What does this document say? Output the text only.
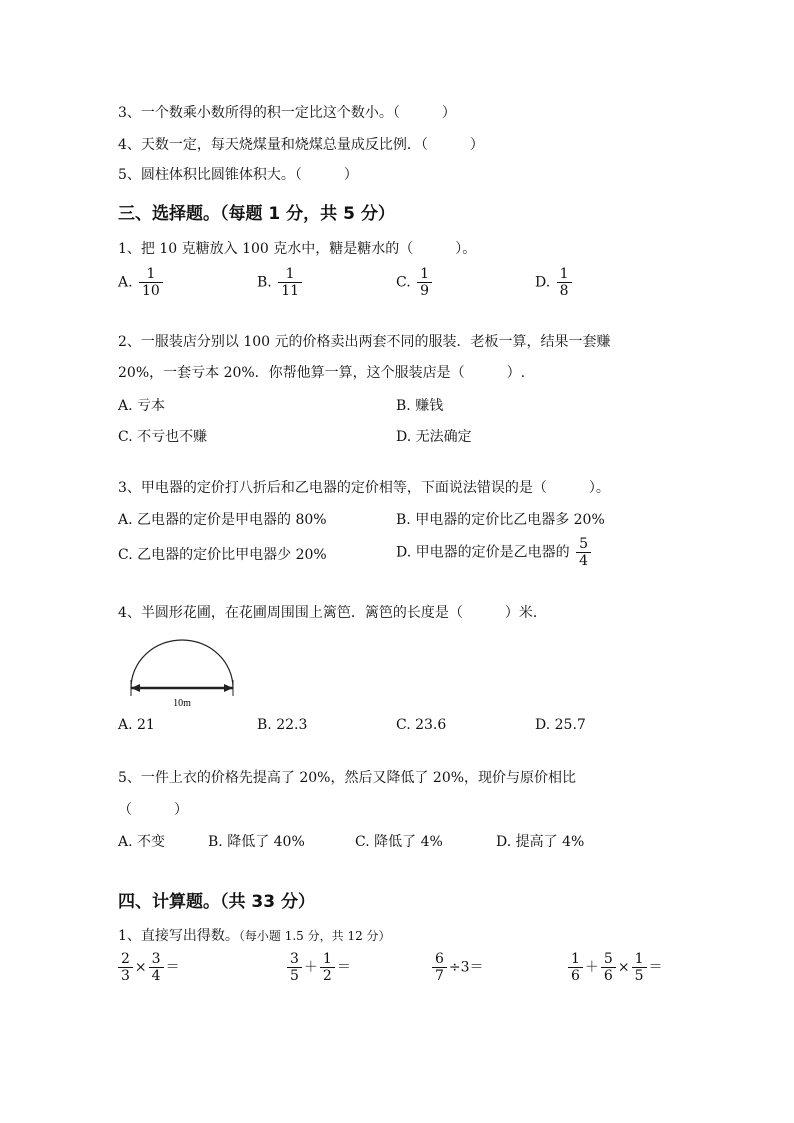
3、一个数乘小数所得的积一定比这个数小。（　　　）
4、天数一定，每天烧煤量和烧煤总量成反比例．（　　　）
5、圆柱体积比圆锥体积大。（　　　）
三、选择题。（每题 1 分，共 5 分）
1、把 10 克糖放入 100 克水中，糖是糖水的（　　　）。
A. $\frac{1}{10}$	B. $\frac{1}{11}$	C. $\frac{1}{9}$	D. $\frac{1}{8}$
2、一服装店分别以 100 元的价格卖出两套不同的服装．老板一算，结果一套赚
20%，一套亏本 20%．你帮他算一算，这个服装店是（　　　）.
A. 亏本	B. 赚钱
C. 不亏也不赚	D. 无法确定
3、甲电器的定价打八折后和乙电器的定价相等，下面说法错误的是（　　　）。
A. 乙电器的定价是甲电器的 80%	B. 甲电器的定价比乙电器多 20%
C. 乙电器的定价比甲电器少 20%	D. 甲电器的定价是乙电器的 $\frac{5}{4}$
4、半圆形花圃，在花圃周围围上篱笆．篱笆的长度是（　　　）米．
10m
A. 21	B. 22.3	C. 23.6	D. 25.7
5、一件上衣的价格先提高了 20%，然后又降低了 20%，现价与原价相比
（　　　）
A. 不变	B. 降低了 40%	C. 降低了 4%	D. 提高了 4%
四、计算题。（共 33 分）
1、直接写出得数。（每小题 1.5 分，共 12 分）
$\frac{2}{3} \times \frac{3}{4}$ ＝	$\frac{3}{5} + \frac{1}{2}$ ＝	$\frac{6}{7} \div 3=$	$\frac{1}{6} + \frac{5}{6} \times \frac{1}{5}$ ＝
